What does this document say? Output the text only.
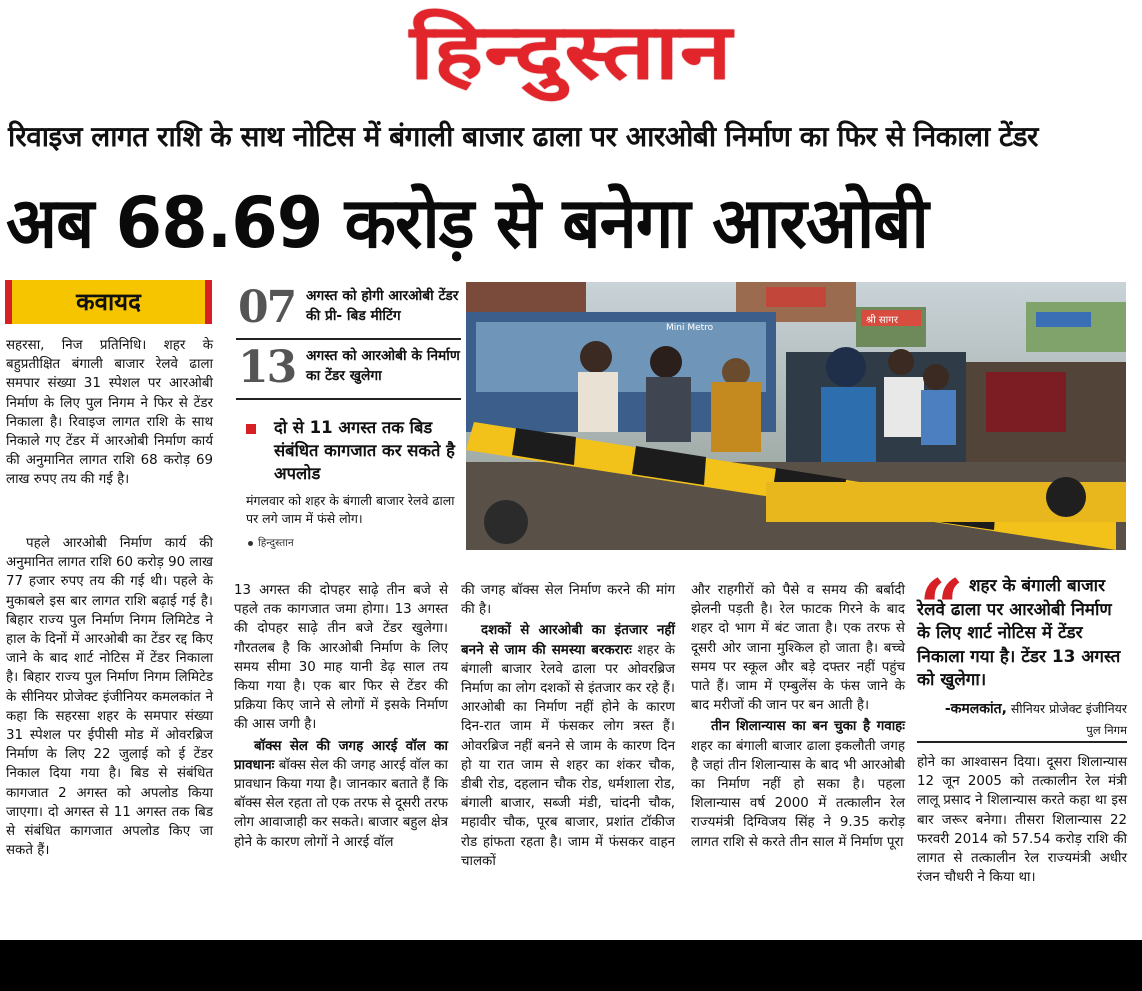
हिन्दुस्तान
रिवाइज लागत राशि के साथ नोटिस में बंगाली बाजार ढाला पर आरओबी निर्माण का फिर से निकाला टेंडर
अब 68.69 करोड़ से बनेगा आरओबी
कवायद

सहरसा, निज प्रतिनिधि। शहर के बहुप्रतीक्षित बंगाली बाजार रेलवे ढाला समपार संख्या 31 स्पेशल पर आरओबी निर्माण के लिए पुल निगम ने फिर से टेंडर निकाला है। रिवाइज लागत राशि के साथ निकाले गए टेंडर में आरओबी निर्माण कार्य की अनुमानित लागत राशि 68 करोड़ 69 लाख रुपए तय की गई है।

पहले आरओबी निर्माण कार्य की अनुमानित लागत राशि 60 करोड़ 90 लाख 77 हजार रुपए तय की गई थी। पहले के मुकाबले इस बार लागत राशि बढ़ाई गई है। बिहार राज्य पुल निर्माण निगम लिमिटेड ने हाल के दिनों में आरओबी का टेंडर रद्द किए जाने के बाद शार्ट नोटिस में टेंडर निकाला है। बिहार राज्य पुल निर्माण निगम लिमिटेड के सीनियर प्रोजेक्ट इंजीनियर कमलकांत ने कहा कि सहरसा शहर के समपार संख्या 31 स्पेशल पर ईपीसी मोड में ओवरब्रिज निर्माण के लिए 22 जुलाई को ई टेंडर निकाल दिया गया है। बिड से संबंधित कागजात 2 अगस्त को अपलोड किया जाएगा। दो अगस्त से 11 अगस्त तक बिड से संबंधित कागजात अपलोड किए जा सकते हैं।

07 अगस्त को होगी आरओबी टेंडर की प्री- बिड मीटिंग
13 अगस्त को आरओबी के निर्माण का टेंडर खुलेगा
दो से 11 अगस्त तक बिड संबंधित कागजात कर सकते है अपलोड
मंगलवार को शहर के बंगाली बाजार रेलवे ढाला पर लगे जाम में फंसे लोग।
हिन्दुस्तान
श्री सागर
Mini Metro

13 अगस्त की दोपहर साढ़े तीन बजे से पहले तक कागजात जमा होगा। 13 अगस्त की दोपहर साढ़े तीन बजे टेंडर खुलेगा। गौरतलब है कि आरओबी निर्माण के लिए समय सीमा 30 माह यानी डेढ़ साल तय किया गया है। एक बार फिर से टेंडर की प्रक्रिया किए जाने से लोगों में इसके निर्माण की आस जगी है।

बॉक्स सेल की जगह आरई वॉल का प्रावधानः बॉक्स सेल की जगह आरई वॉल का प्रावधान किया गया है। जानकार बताते हैं कि बॉक्स सेल रहता तो एक तरफ से दूसरी तरफ लोग आवाजाही कर सकते। बाजार बहुल क्षेत्र होने के कारण लोगों ने आरई वॉल

की जगह बॉक्स सेल निर्माण करने की मांग की है।

दशकों से आरओबी का इंतजार नहीं बनने से जाम की समस्या बरकरारः शहर के बंगाली बाजार रेलवे ढाला पर ओवरब्रिज निर्माण का लोग दशकों से इंतजार कर रहे हैं। आरओबी का निर्माण नहीं होने के कारण दिन-रात जाम में फंसकर लोग त्रस्त हैं। ओवरब्रिज नहीं बनने से जाम के कारण दिन हो या रात जाम से शहर का शंकर चौक, डीबी रोड, दहलान चौक रोड, धर्मशाला रोड, बंगाली बाजार, सब्जी मंडी, चांदनी चौक, महावीर चौक, पूरब बाजार, प्रशांत टॉकीज रोड हांफता रहता है। जाम में फंसकर वाहन चालकों

और राहगीरों को पैसे व समय की बर्बादी झेलनी पड़ती है। रेल फाटक गिरने के बाद शहर दो भाग में बंट जाता है। एक तरफ से दूसरी ओर जाना मुश्किल हो जाता है। बच्चे समय पर स्कूल और बड़े दफ्तर नहीं पहुंच पाते हैं। जाम में एम्बुलेंस के फंस जाने के बाद मरीजों की जान पर बन आती है।

तीन शिलान्यास का बन चुका है गवाहः शहर का बंगाली बाजार ढाला इकलौती जगह है जहां तीन शिलान्यास के बाद भी आरओबी का निर्माण नहीं हो सका है। पहला शिलान्यास वर्ष 2000 में तत्कालीन रेल राज्यमंत्री दिग्विजय सिंह ने 9.35 करोड़ लागत राशि से करते तीन साल में निर्माण पूरा

“ शहर के बंगाली बाजार रेलवे ढाला पर आरओबी निर्माण के लिए शार्ट नोटिस में टेंडर निकाला गया है। टेंडर 13 अगस्त को खुलेगा।
-कमलकांत, सीनियर प्रोजेक्ट इंजीनियर
पुल निगम

होने का आश्वासन दिया। दूसरा शिलान्यास 12 जून 2005 को तत्कालीन रेल मंत्री लालू प्रसाद ने शिलान्यास करते कहा था इस बार जरूर बनेगा। तीसरा शिलान्यास 22 फरवरी 2014 को 57.54 करोड़ राशि की लागत से तत्कालीन रेल राज्यमंत्री अधीर रंजन चौधरी ने किया था।
